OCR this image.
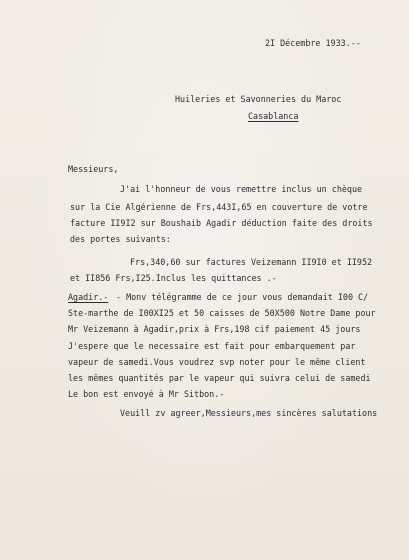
2I Décembre 1933.--
Huileries et Savonneries du Maroc
Casablanca
Messieurs,
J'ai l'honneur de vous remettre inclus un chèque
sur la Cie Algérienne de Frs,443I,65 en couverture de votre
facture II9I2 sur Boushaib Agadir déduction faite des droits
des portes suivants:
Frs,340,60 sur factures Veizemann II9I0 et II952
et II856 Frs,I25.Inclus les quittances .-
Agadir.- - Monv télégramme de ce jour vous demandait I00 C/
Ste-marthe de I00XI25 et 50 caisses de 50X500 Notre Dame pour
Mr Veizemann à Agadir,prix à Frs,198 cif paiement 45 jours
J'espere que le necessaire est fait pour embarquement par
vapeur de samedi.Vous voudrez svp noter pour le même client
les mêmes quantités par le vapeur qui suivra celui de samedi
Le bon est envoyé à Mr Sitbon.-
Veuill zv agreer,Messieurs,mes sincères salutations
